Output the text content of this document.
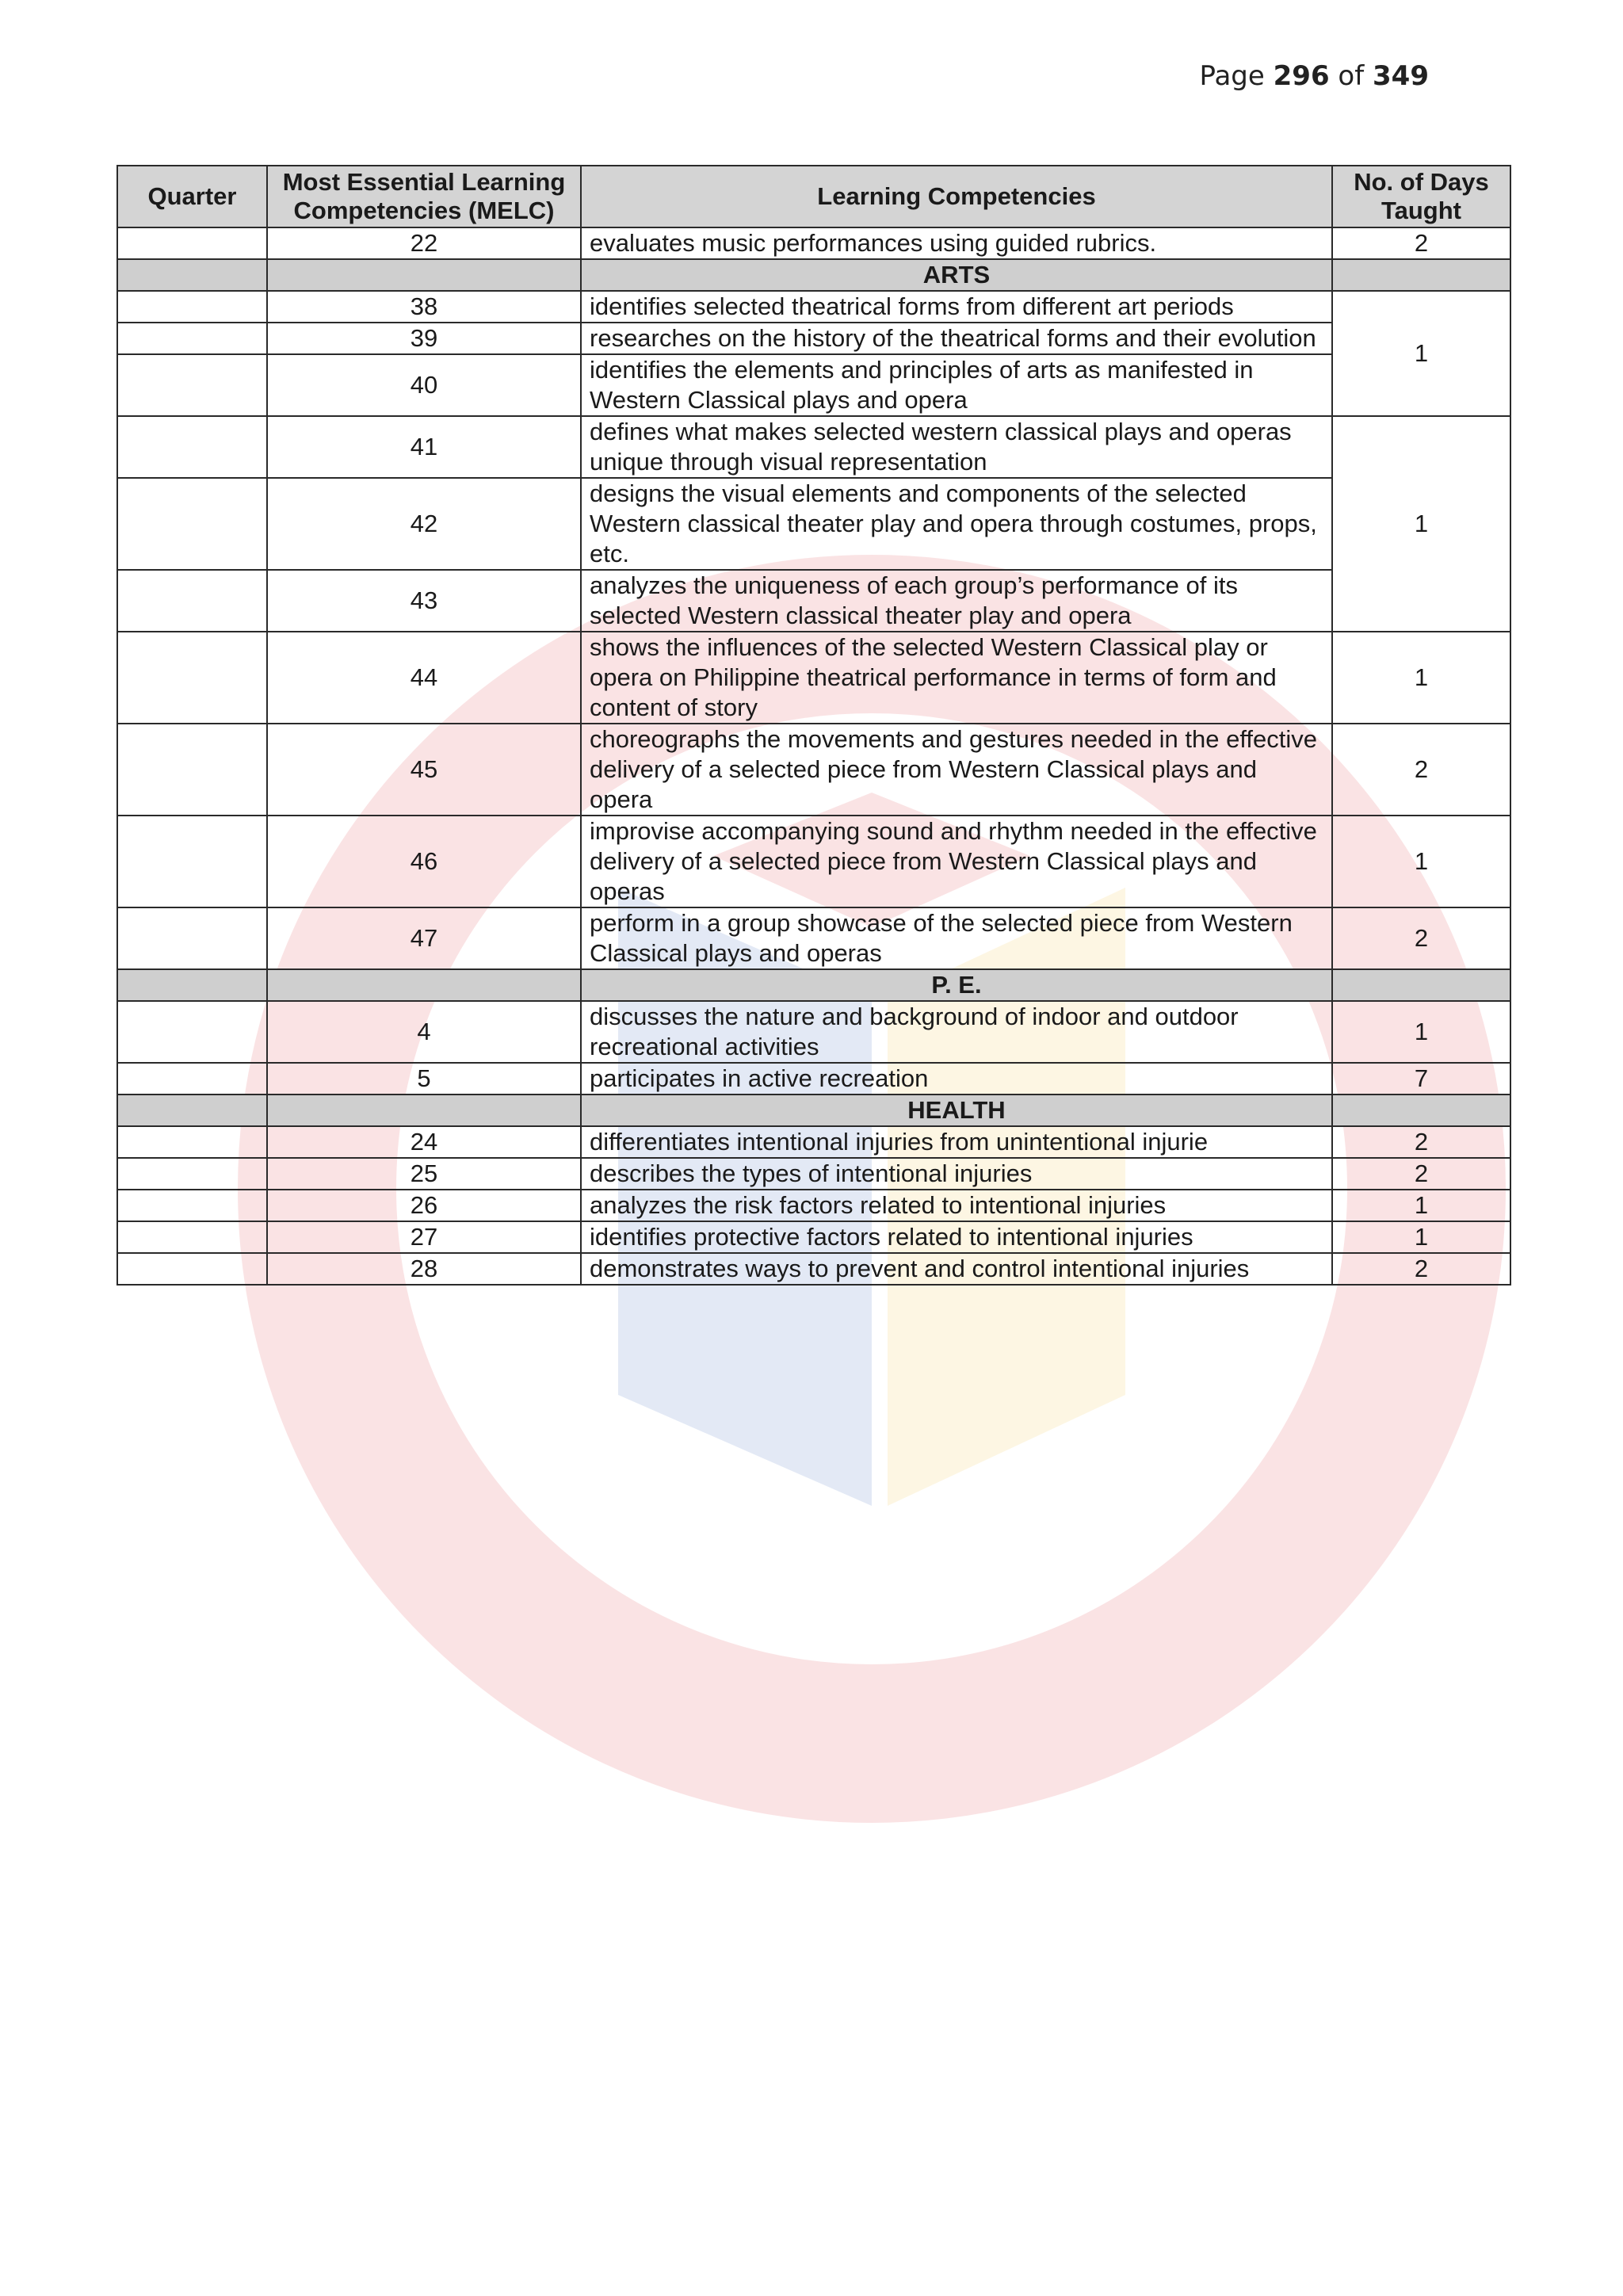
Page 296 of 349
Quarter	Most Essential Learning Competencies (MELC)	Learning Competencies	No. of Days Taught
	22	evaluates music performances using guided rubrics.	2
		ARTS	
	38	identifies selected theatrical forms from different art periods	1
	39	researches on the history of the theatrical forms and their evolution	
	40	identifies the elements and principles of arts as manifested in Western Classical plays and opera	
	41	defines what makes selected western classical plays and operas unique through visual representation	1
	42	designs the visual elements and components of the selected Western classical theater play and opera through costumes, props, etc.	
	43	analyzes the uniqueness of each group’s performance of its selected Western classical theater play and opera	
	44	shows the influences of the selected Western Classical play or opera on Philippine theatrical performance in terms of form and content of story	1
	45	choreographs the movements and gestures needed in the effective delivery of a selected piece from Western Classical plays and opera	2
	46	improvise accompanying sound and rhythm needed in the effective delivery of a selected piece from Western Classical plays and operas	1
	47	perform in a group showcase of the selected piece from Western Classical plays and operas	2
		P. E.	
	4	discusses the nature and background of indoor and outdoor recreational activities	1
	5	participates in active recreation	7
		HEALTH	
	24	differentiates intentional injuries from unintentional injurie	2
	25	describes the types of intentional injuries	2
	26	analyzes the risk factors related to intentional injuries	1
	27	identifies protective factors related to intentional injuries	1
	28	demonstrates ways to prevent and control intentional injuries	2
